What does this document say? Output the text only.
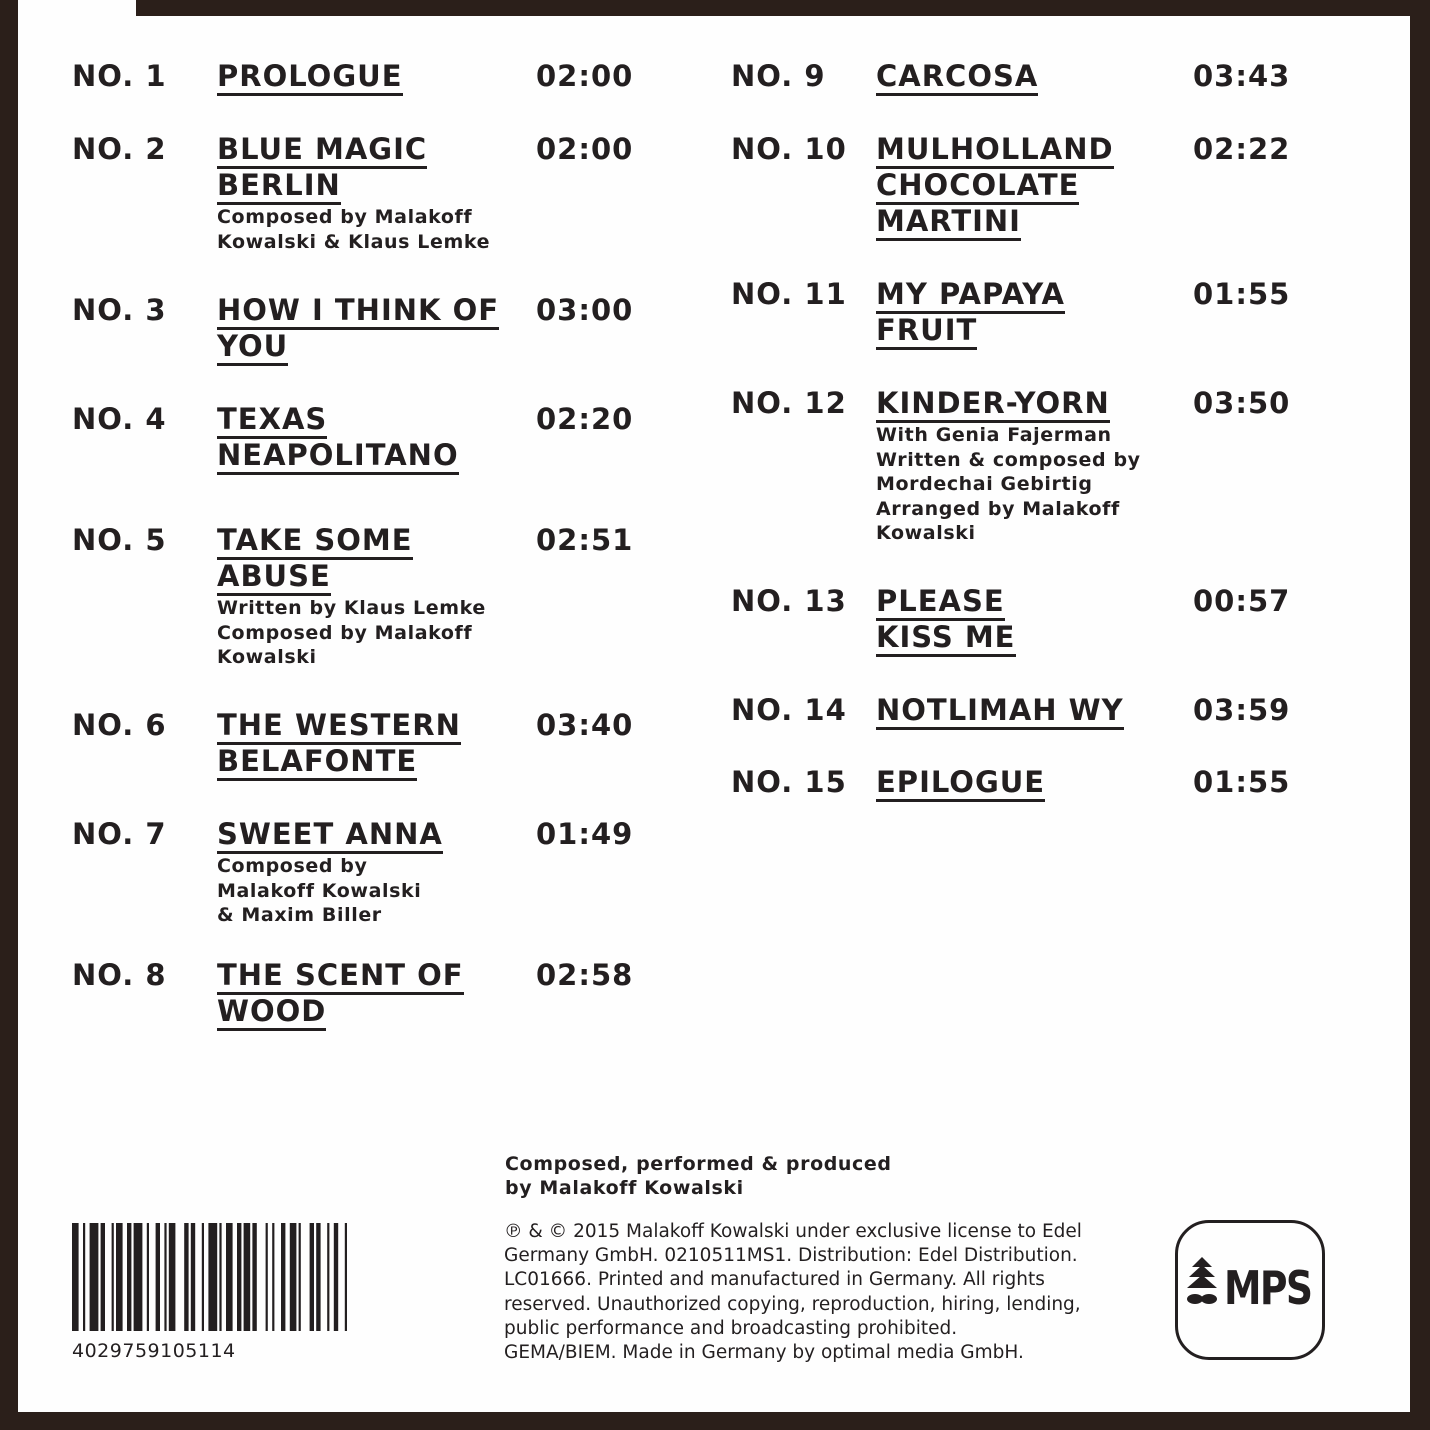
NO. 1 PROLOGUE	02:00
NO. 2 BLUE MAGIC
BERLIN
02:00
Composed by Malakoff
Kowalski & Klaus Lemke
NO. 3 HOW I THINK OF
YOU
03:00
NO. 4 TEXAS
NEAPOLITANO
02:20
NO. 5 TAKE SOME
ABUSE
02:51
Written by Klaus Lemke
Composed by Malakoff
Kowalski
NO. 6 THE WESTERN
BELAFONTE
03:40
NO. 7 SWEET ANNA	01:49
Composed by
Malakoff Kowalski
& Maxim Biller
NO. 8 THE SCENT OF
WOOD
02:58
NO. 9 CARCOSA	03:43
NO. 10 MULHOLLAND
CHOCOLATE
MARTINI
02:22
NO. 11 MY PAPAYA
FRUIT
01:55
NO. 12 KINDER-YORN	03:50
With Genia Fajerman
Written & composed by
Mordechai Gebirtig
Arranged by Malakoff
Kowalski
NO. 13 PLEASE
KISS ME
00:57
NO. 14 NOTLIMAH WY 03:59
NO. 15 EPILOGUE	01:55
Composed, performed & produced
by Malakoff Kowalski
℗ & © 2015 Malakoff Kowalski under exclusive license to Edel
Germany GmbH. 0210511MS1. Distribution: Edel Distribution.
LC01666. Printed and manufactured in Germany. All rights
reserved. Unauthorized copying, reproduction, hiring, lending,
public performance and broadcasting prohibited.
GEMA/BIEM. Made in Germany by optimal media GmbH.
4029759105114
MPS
